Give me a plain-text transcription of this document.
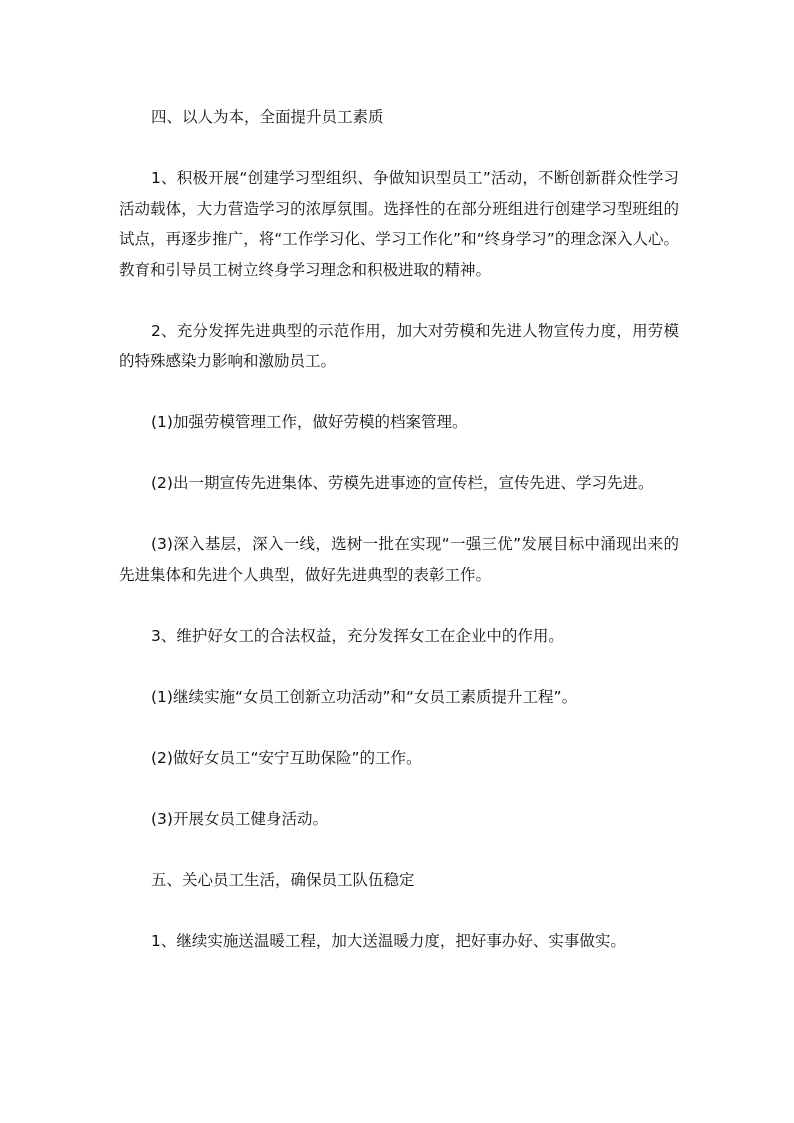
四、以人为本，全面提升员工素质

1、积极开展“创建学习型组织、争做知识型员工”活动，不断创新群众性学习活动载体，大力营造学习的浓厚氛围。选择性的在部分班组进行创建学习型班组的试点，再逐步推广，将“工作学习化、学习工作化”和“终身学习”的理念深入人心。教育和引导员工树立终身学习理念和积极进取的精神。

2、充分发挥先进典型的示范作用，加大对劳模和先进人物宣传力度，用劳模的特殊感染力影响和激励员工。

(1)加强劳模管理工作，做好劳模的档案管理。

(2)出一期宣传先进集体、劳模先进事迹的宣传栏，宣传先进、学习先进。

(3)深入基层，深入一线，选树一批在实现“一强三优”发展目标中涌现出来的先进集体和先进个人典型，做好先进典型的表彰工作。

3、维护好女工的合法权益，充分发挥女工在企业中的作用。

(1)继续实施“女员工创新立功活动”和“女员工素质提升工程”。

(2)做好女员工“安宁互助保险”的工作。

(3)开展女员工健身活动。

五、关心员工生活，确保员工队伍稳定

1、继续实施送温暖工程，加大送温暖力度，把好事办好、实事做实。
